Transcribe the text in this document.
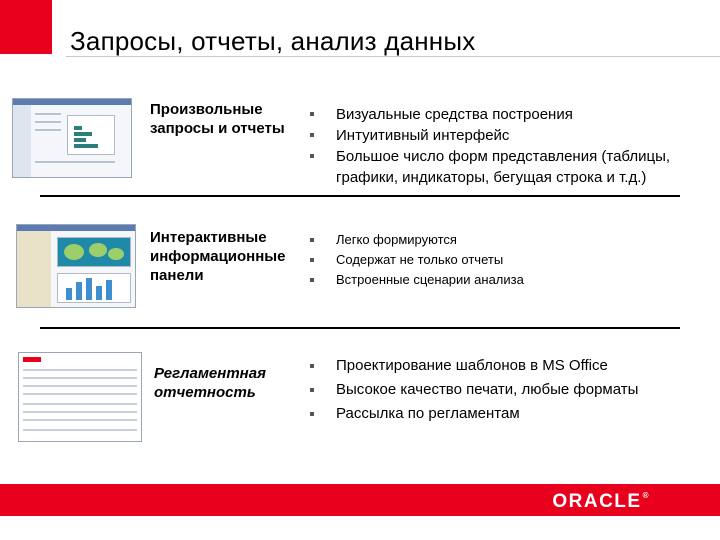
Запросы, отчеты, анализ данных
Произвольные запросы и отчеты
Визуальные средства построения
Интуитивный интерфейс
Большое число форм представления (таблицы, графики, индикаторы, бегущая строка и т.д.)
Интерактивные информационные панели
Легко формируются
Содержат не только отчеты
Встроенные сценарии анализа
Регламентная отчетность
Проектирование шаблонов в MS Office
Высокое качество печати, любые форматы
Рассылка по регламентам
ORACLE®
